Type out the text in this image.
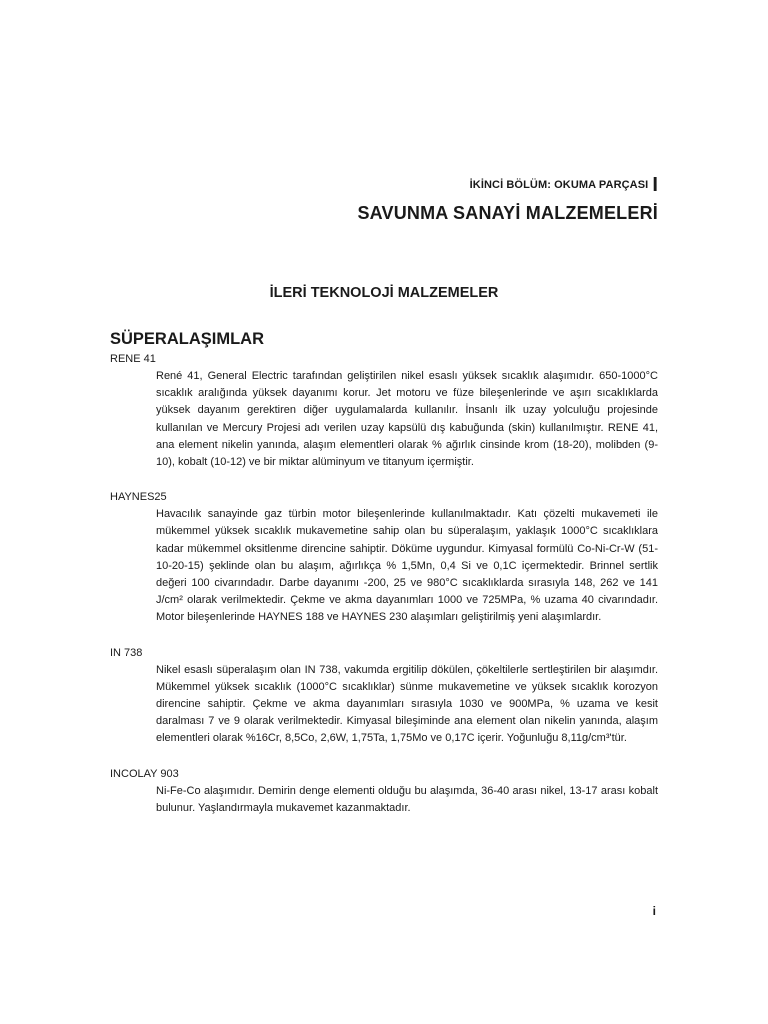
İKİNCİ BÖLÜM: OKUMA PARÇASI I
SAVUNMA SANAYİ MALZEMELERİ
İLERİ TEKNOLOJİ MALZEMELER
SÜPERALAŞIMLAR
RENE 41

René 41, General Electric tarafından geliştirilen nikel esaslı yüksek sıcaklık alaşımıdır. 650-1000°C sıcaklık aralığında yüksek dayanımı korur. Jet motoru ve füze bileşenlerinde ve aşırı sıcaklıklarda yüksek dayanım gerektiren diğer uygulamalarda kullanılır. İnsanlı ilk uzay yolculuğu projesinde kullanılan ve Mercury Projesi adı verilen uzay kapsülü dış kabuğunda (skin) kullanılmıştır. RENE 41, ana element nikelin yanında, alaşım elementleri olarak % ağırlık cinsinde krom (18-20), molibden (9-10), kobalt (10-12) ve bir miktar alüminyum ve titanyum içermiştir.

HAYNES25

Havacılık sanayinde gaz türbin motor bileşenlerinde kullanılmaktadır. Katı çözelti mukavemeti ile mükemmel yüksek sıcaklık mukavemetine sahip olan bu süperalaşım, yaklaşık 1000°C sıcaklıklara kadar mükemmel oksitlenme direncine sahiptir. Döküme uygundur. Kimyasal formülü Co-Ni-Cr-W (51-10-20-15) şeklinde olan bu alaşım, ağırlıkça % 1,5Mn, 0,4 Si ve 0,1C içermektedir. Brinnel sertlik değeri 100 civarındadır. Darbe dayanımı -200, 25 ve 980°C sıcaklıklarda sırasıyla 148, 262 ve 141 J/cm² olarak verilmektedir. Çekme ve akma dayanımları 1000 ve 725MPa, % uzama 40 civarındadır. Motor bileşenlerinde HAYNES 188 ve HAYNES 230 alaşımları geliştirilmiş yeni alaşımlardır.

IN 738

Nikel esaslı süperalaşım olan IN 738, vakumda ergitilip dökülen, çökeltilerle sertleştirilen bir alaşımdır. Mükemmel yüksek sıcaklık (1000°C sıcaklıklar) sünme mukavemetine ve yüksek sıcaklık korozyon direncine sahiptir. Çekme ve akma dayanımları sırasıyla 1030 ve 900MPa, % uzama ve kesit daralması 7 ve 9 olarak verilmektedir. Kimyasal bileşiminde ana element olan nikelin yanında, alaşım elementleri olarak %16Cr, 8,5Co, 2,6W, 1,75Ta, 1,75Mo ve 0,17C içerir. Yoğunluğu 8,11g/cm³'tür.

INCOLAY 903

Ni-Fe-Co alaşımıdır. Demirin denge elementi olduğu bu alaşımda, 36-40 arası nikel, 13-17 arası kobalt bulunur. Yaşlandırmayla mukavemet kazanmaktadır.

i
